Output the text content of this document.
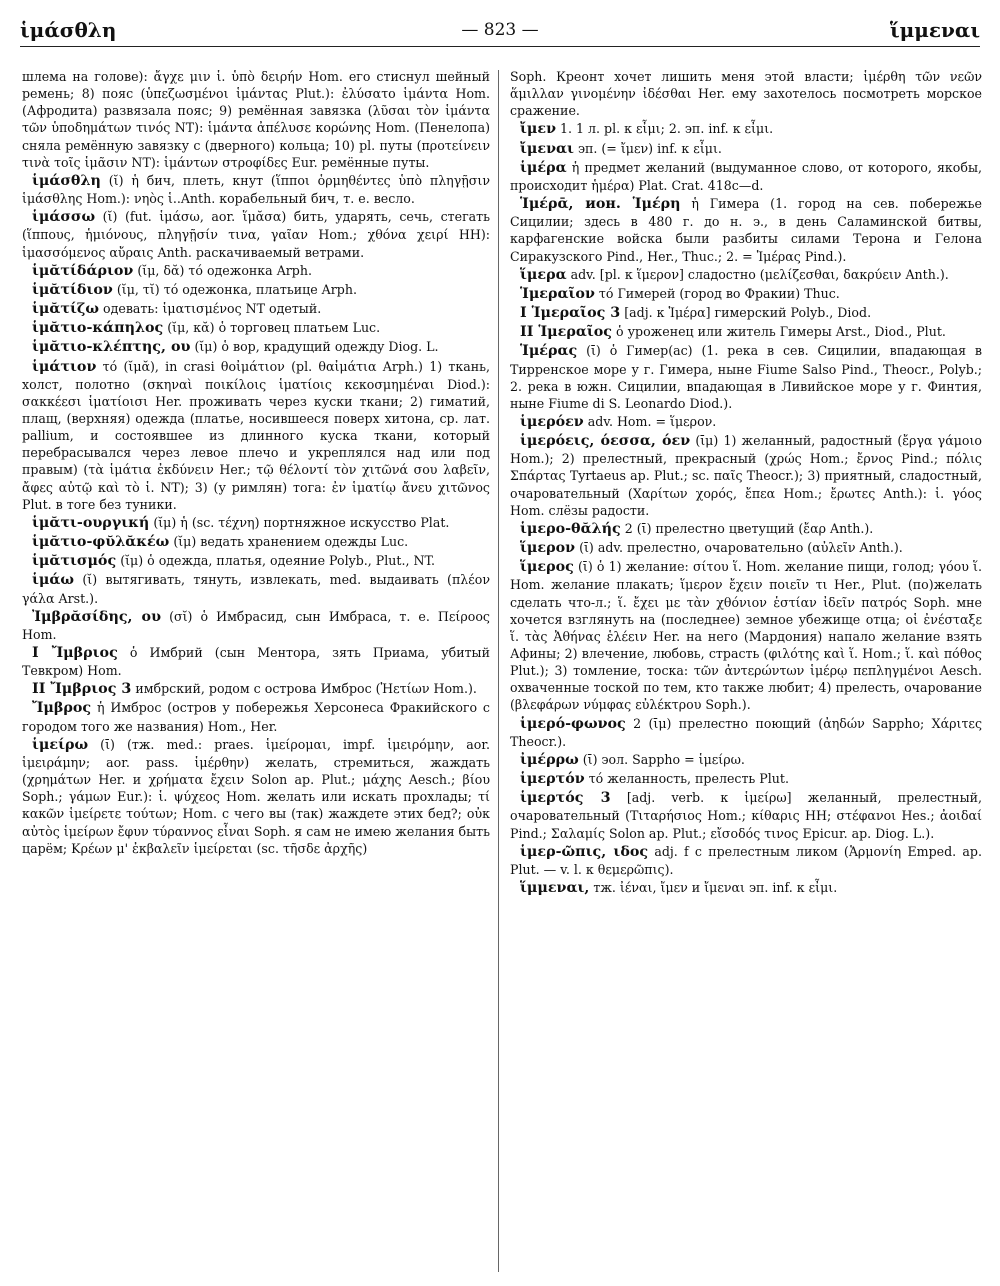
ἱμάσθλη	— 823 —	ἵμμεναι

шлема на голове): ἄγχε μιν ἱ. ὑπὸ δειρήν Hom. его стиснул шейный ремень; 8) пояс (ὑπεζωσμένοι ἱμάντας Plut.): ἐλύσατο ἱμάντα Hom. (Афродита) развязала пояс; 9) ремённая завязка (λῦσαι τὸν ἱμάντα τῶν ὑποδημάτων τινός NT): ἱμάντα ἀπέλυσε κορώνης Hom. (Пенелопа) сняла ремённую завязку с (дверного) кольца; 10) pl. путы (προτείνειν τινὰ τοῖς ἱμᾶσιν NT): ἱμάντων στροφίδες Eur. ремённые путы.

ἱμάσθλη (ῐ) ἡ бич, плеть, кнут (ἵπποι ὁρμηθέντες ὑπὸ πληγῇσιν ἱμάσθλης Hom.): νηὸς ἱ..Anth. корабельный бич, т. е. весло.

ἱμάσσω (ῐ) (fut. ἱμάσω, aor. ἵμᾰσα) бить, ударять, сечь, стегать (ἵππους, ἡμιόνους, πληγῇσίν τινα, γαῖαν Hom.; χθόνα χειρί HH): ἱμασσόμενος αὔραις Anth. раскачиваемый ветрами.

ἱμᾰτίδάριον (ῐμ, δᾰ) τό одежонка Arph.

ἱμᾰτίδιον (ῐμ, τῐ) τό одежонка, платьице Arph.

ἱμᾰτίζω одевать: ἱματισμένος NT одетый.

ἱμᾰτιο-κάπηλος (ῐμ, κᾰ) ὁ торговец платьем Luc.

ἱμᾰτιο-κλέπτης, ου (ῐμ) ὁ вор, крадущий одежду Diog. L.

ἱμάτιον τό (ῐμᾰ), in crasi θοἰμάτιον (pl. θαἰμάτια Arph.) 1) ткань, холст, полотно (σκηναὶ ποικίλοις ἱματίοις κεκοσμημέναι Diod.): σακκέεσι ἱματίοισι Her. проживать через куски ткани; 2) гиматий, плащ, (верхняя) одежда (платье, носившееся поверх хитона, ср. лат. pallium, и состоявшее из длинного куска ткани, который перебрасывался через левое плечо и укреплялся над или под правым) (τὰ ἱμάτια ἐκδύνειν Her.; τῷ θέλοντί τὸν χιτῶνά σου λαβεῖν, ἄφες αὐτῷ καὶ τὸ ἱ. NT); 3) (у римлян) тога: ἐν ἱματίῳ ἄνευ χιτῶνος Plut. в тоге без туники.

ἱμᾰτι-ουργική (ῐμ) ἡ (sc. τέχνη) портняжное искусство Plat.

ἱμᾰτιο-φῠλᾰκέω (ῐμ) ведать хранением одежды Luc.

ἱμᾰτισμός (ῐμ) ὁ одежда, платья, одеяние Polyb., Plut., NT.

ἱμάω (ῐ) вытягивать, тянуть, извлекать, med. выдаивать (πλέον γάλα Arst.).

Ἰμβρᾰσίδης, ου (σῐ) ὁ Имбрасид, сын Имбраса, т. е. Πείροος Hom.

I Ἴμβριος ὁ Имбрий (сын Ментора, зять Приама, убитый Тевкром) Hom.

II Ἴμβριος 3 имбрский, родом с острова Имброс (Ἠετίων Hom.).

Ἴμβρος ἡ Имброс (остров у побережья Херсонеса Фракийского с городом того же названия) Hom., Her.

ἱμείρω (ῑ) (тж. med.: praes. ἱμείρομαι, impf. ἱμειρόμην, aor. ἱμειράμην; aor. pass. ἱμέρθην) желать, стремиться, жаждать (χρημάτων Her. и χρήματα ἔχειν Solon ap. Plut.; μάχης Aesch.; βίου Soph.; γάμων Eur.): ἱ. ψύχεος Hom. желать или искать прохлады; τί κακῶν ἱμείρετε τούτων; Hom. с чего вы (так) жаждете этих бед?; οὐκ αὐτὸς ἱμείρων ἔφυν τύραννος εἶναι Soph. я сам не имею желания быть царём; Κρέων μ' ἐκβαλεῖν ἱμείρεται (sc. τῆσδε ἀρχῆς)

Soph. Креонт хочет лишить меня этой власти; ἱμέρθη τῶν νεῶν ἅμιλλαν γινομένην ἰδέσθαι Her. ему захотелось посмотреть морское сражение.

ἴμεν 1. 1 л. pl. к εἶμι; 2. эп. inf. к εἶμι.

ἴμεναι эп. (= ἴμεν) inf. к εἶμι.

ἱμέρα ἡ предмет желаний (выдуманное слово, от которого, якобы, происходит ἡμέρα) Plat. Crat. 418c—d.

Ἱμέρᾱ, ион. Ἱμέρη ἡ Гимера (1. город на сев. побережье Сицилии; здесь в 480 г. до н. э., в день Саламинской битвы, карфагенские войска были разбиты силами Терона и Гелона Сиракузского Pind., Her., Thuc.; 2. = Ἱμέρας Pind.).

ἵμερα adv. [pl. к ἵμερον] сладостно (μελίζεσθαι, δακρύειν Anth.).

Ἱμεραῖον τό Гимерей (город во Фракии) Thuc.

I Ἱμεραῖος 3 [adj. к Ἱμέρα] гимерский Polyb., Diod.

II Ἱμεραῖος ὁ уроженец или житель Гимеры Arst., Diod., Plut.

Ἱμέρας (ῑ) ὁ Гимер(ас) (1. река в сев. Сицилии, впадающая в Тирренское море у г. Гимера, ныне Fiume Salso Pind., Theocr., Polyb.; 2. река в южн. Сицилии, впадающая в Ливийское море у г. Финтия, ныне Fiume di S. Leonardo Diod.).

ἱμερόεν adv. Hom. = ἵμερον.

ἱμερόεις, όεσσα, όεν (ῑμ) 1) желанный, радостный (ἔργα γάμοιο Hom.); 2) прелестный, прекрасный (χρώς Hom.; ἔρνος Pind.; πόλις Σπάρτας Tyrtaeus ap. Plut.; sc. παῖς Theocr.); 3) приятный, сладостный, очаровательный (Χαρίτων χορός, ἔπεα Hom.; ἔρωτες Anth.): ἱ. γόος Hom. слёзы радости.

ἱμερο-θᾰλής 2 (ῑ) прелестно цветущий (ἔαρ Anth.).

ἵμερον (ῑ) adv. прелестно, очаровательно (αὐλεῖν Anth.).

ἵμερος (ῑ) ὁ 1) желание: σίτου ἵ. Hom. желание пищи, голод; γόου ἵ. Hom. желание плакать; ἵμερον ἔχειν ποιεῖν τι Her., Plut. (по)желать сделать что-л.; ἵ. ἔχει με τὰν χθόνιον ἑστίαν ἰδεῖν πατρός Soph. мне хочется взглянуть на (последнее) земное убежище отца; οἱ ἐνέσταξε ἵ. τὰς Ἀθήνας ἑλέειν Her. на него (Мардония) напало желание взять Афины; 2) влечение, любовь, страсть (φιλότης καὶ ἵ. Hom.; ἵ. καὶ πόθος Plut.); 3) томление, тоска: τῶν ἀντερώντων ἱμέρῳ πεπληγμένοι Aesch. охваченные тоской по тем, кто также любит; 4) прелесть, очарование (βλεφάρων νύμφας εὐλέκτρου Soph.).

ἱμερό-φωνος 2 (ῑμ) прелестно поющий (ἀηδών Sappho; Χάριτες Theocr.).

ἰμέρρω (ῑ) эол. Sappho = ἱμείρω.

ἱμερτόν τό желанность, прелесть Plut.

ἱμερτός 3 [adj. verb. к ἱμείρω] желанный, прелестный, очаровательный (Τιταρήσιος Hom.; κίθαρις HH; στέφανοι Hes.; ἀοιδαί Pind.; Σαλαμίς Solon ap. Plut.; εἴσοδός τινος Epicur. ap. Diog. L.).

ἱμερ-ῶπις, ιδος adj. f с прелестным ликом (Ἁρμονίη Emped. ap. Plut. — v. l. к θεμερῶπις).

ἵμμεναι, тж. ἰέναι, ἴμεν и ἴμεναι эп. inf. к εἶμι.
